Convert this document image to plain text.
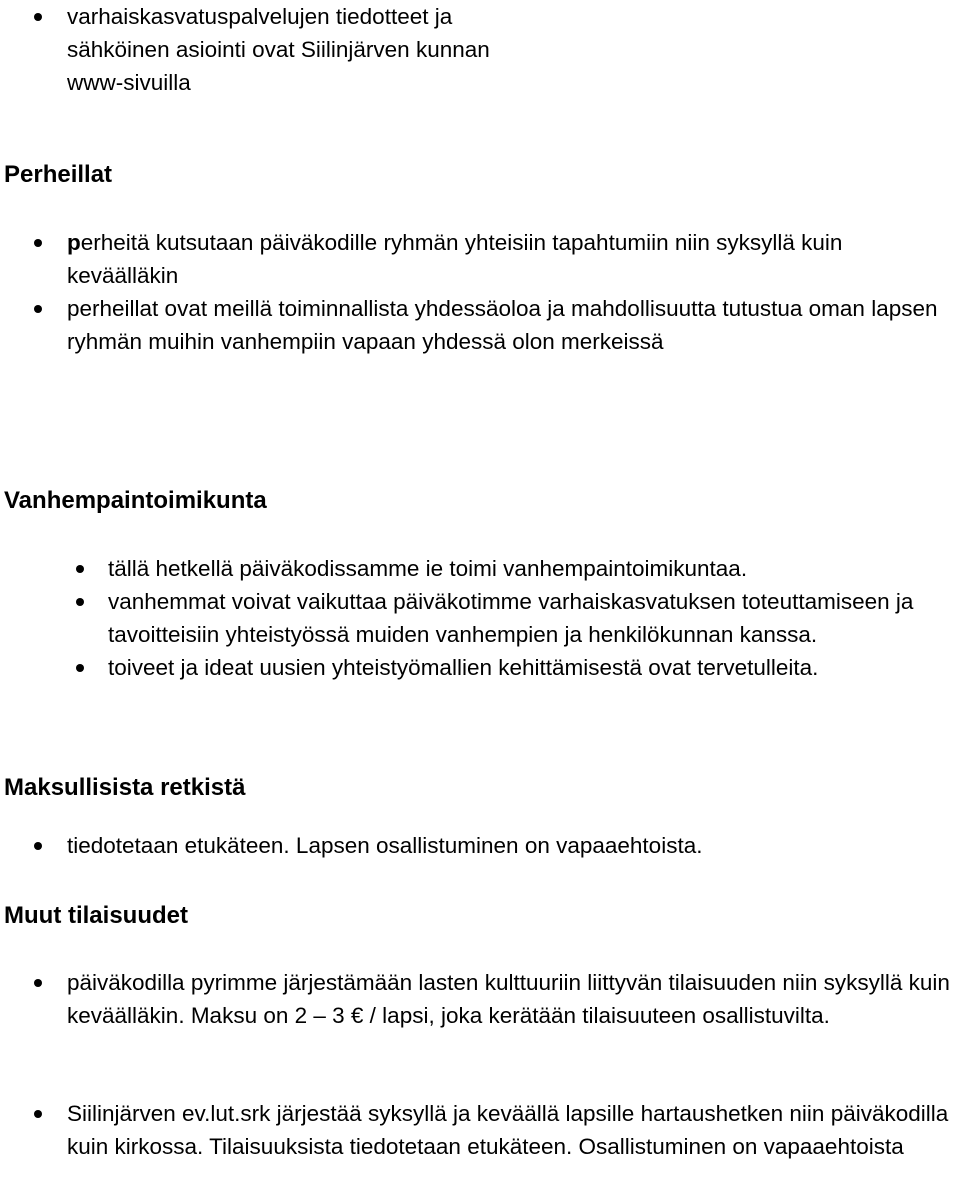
varhaiskasvatuspalvelujen tiedotteet ja sähköinen asiointi ovat Siilinjärven kunnan www-sivuilla
Perheillat
perheitä kutsutaan päiväkodille ryhmän yhteisiin tapahtumiin niin syksyllä kuin keväälläkin
perheillat ovat meillä toiminnallista yhdessäoloa ja mahdollisuutta tutustua oman lapsen ryhmän muihin vanhempiin vapaan yhdessä olon merkeissä
Vanhempaintoimikunta
tällä hetkellä päiväkodissamme ie toimi vanhempaintoimikuntaa.
vanhemmat voivat vaikuttaa päiväkotimme varhaiskasvatuksen toteuttamiseen ja tavoitteisiin yhteistyössä muiden vanhempien ja henkilökunnan kanssa.
toiveet ja ideat uusien yhteistyömallien kehittämisestä ovat tervetulleita.
Maksullisista retkistä
tiedotetaan etukäteen. Lapsen osallistuminen on vapaaehtoista.
Muut tilaisuudet
päiväkodilla pyrimme järjestämään lasten kulttuuriin liittyvän tilaisuuden niin syksyllä kuin keväälläkin. Maksu on 2 – 3 € / lapsi, joka kerätään tilaisuuteen osallistuvilta.
Siilinjärven ev.lut.srk järjestää syksyllä ja keväällä lapsille hartaushetken niin päiväkodilla kuin kirkossa. Tilaisuuksista tiedotetaan etukäteen. Osallistuminen on vapaaehtoista
